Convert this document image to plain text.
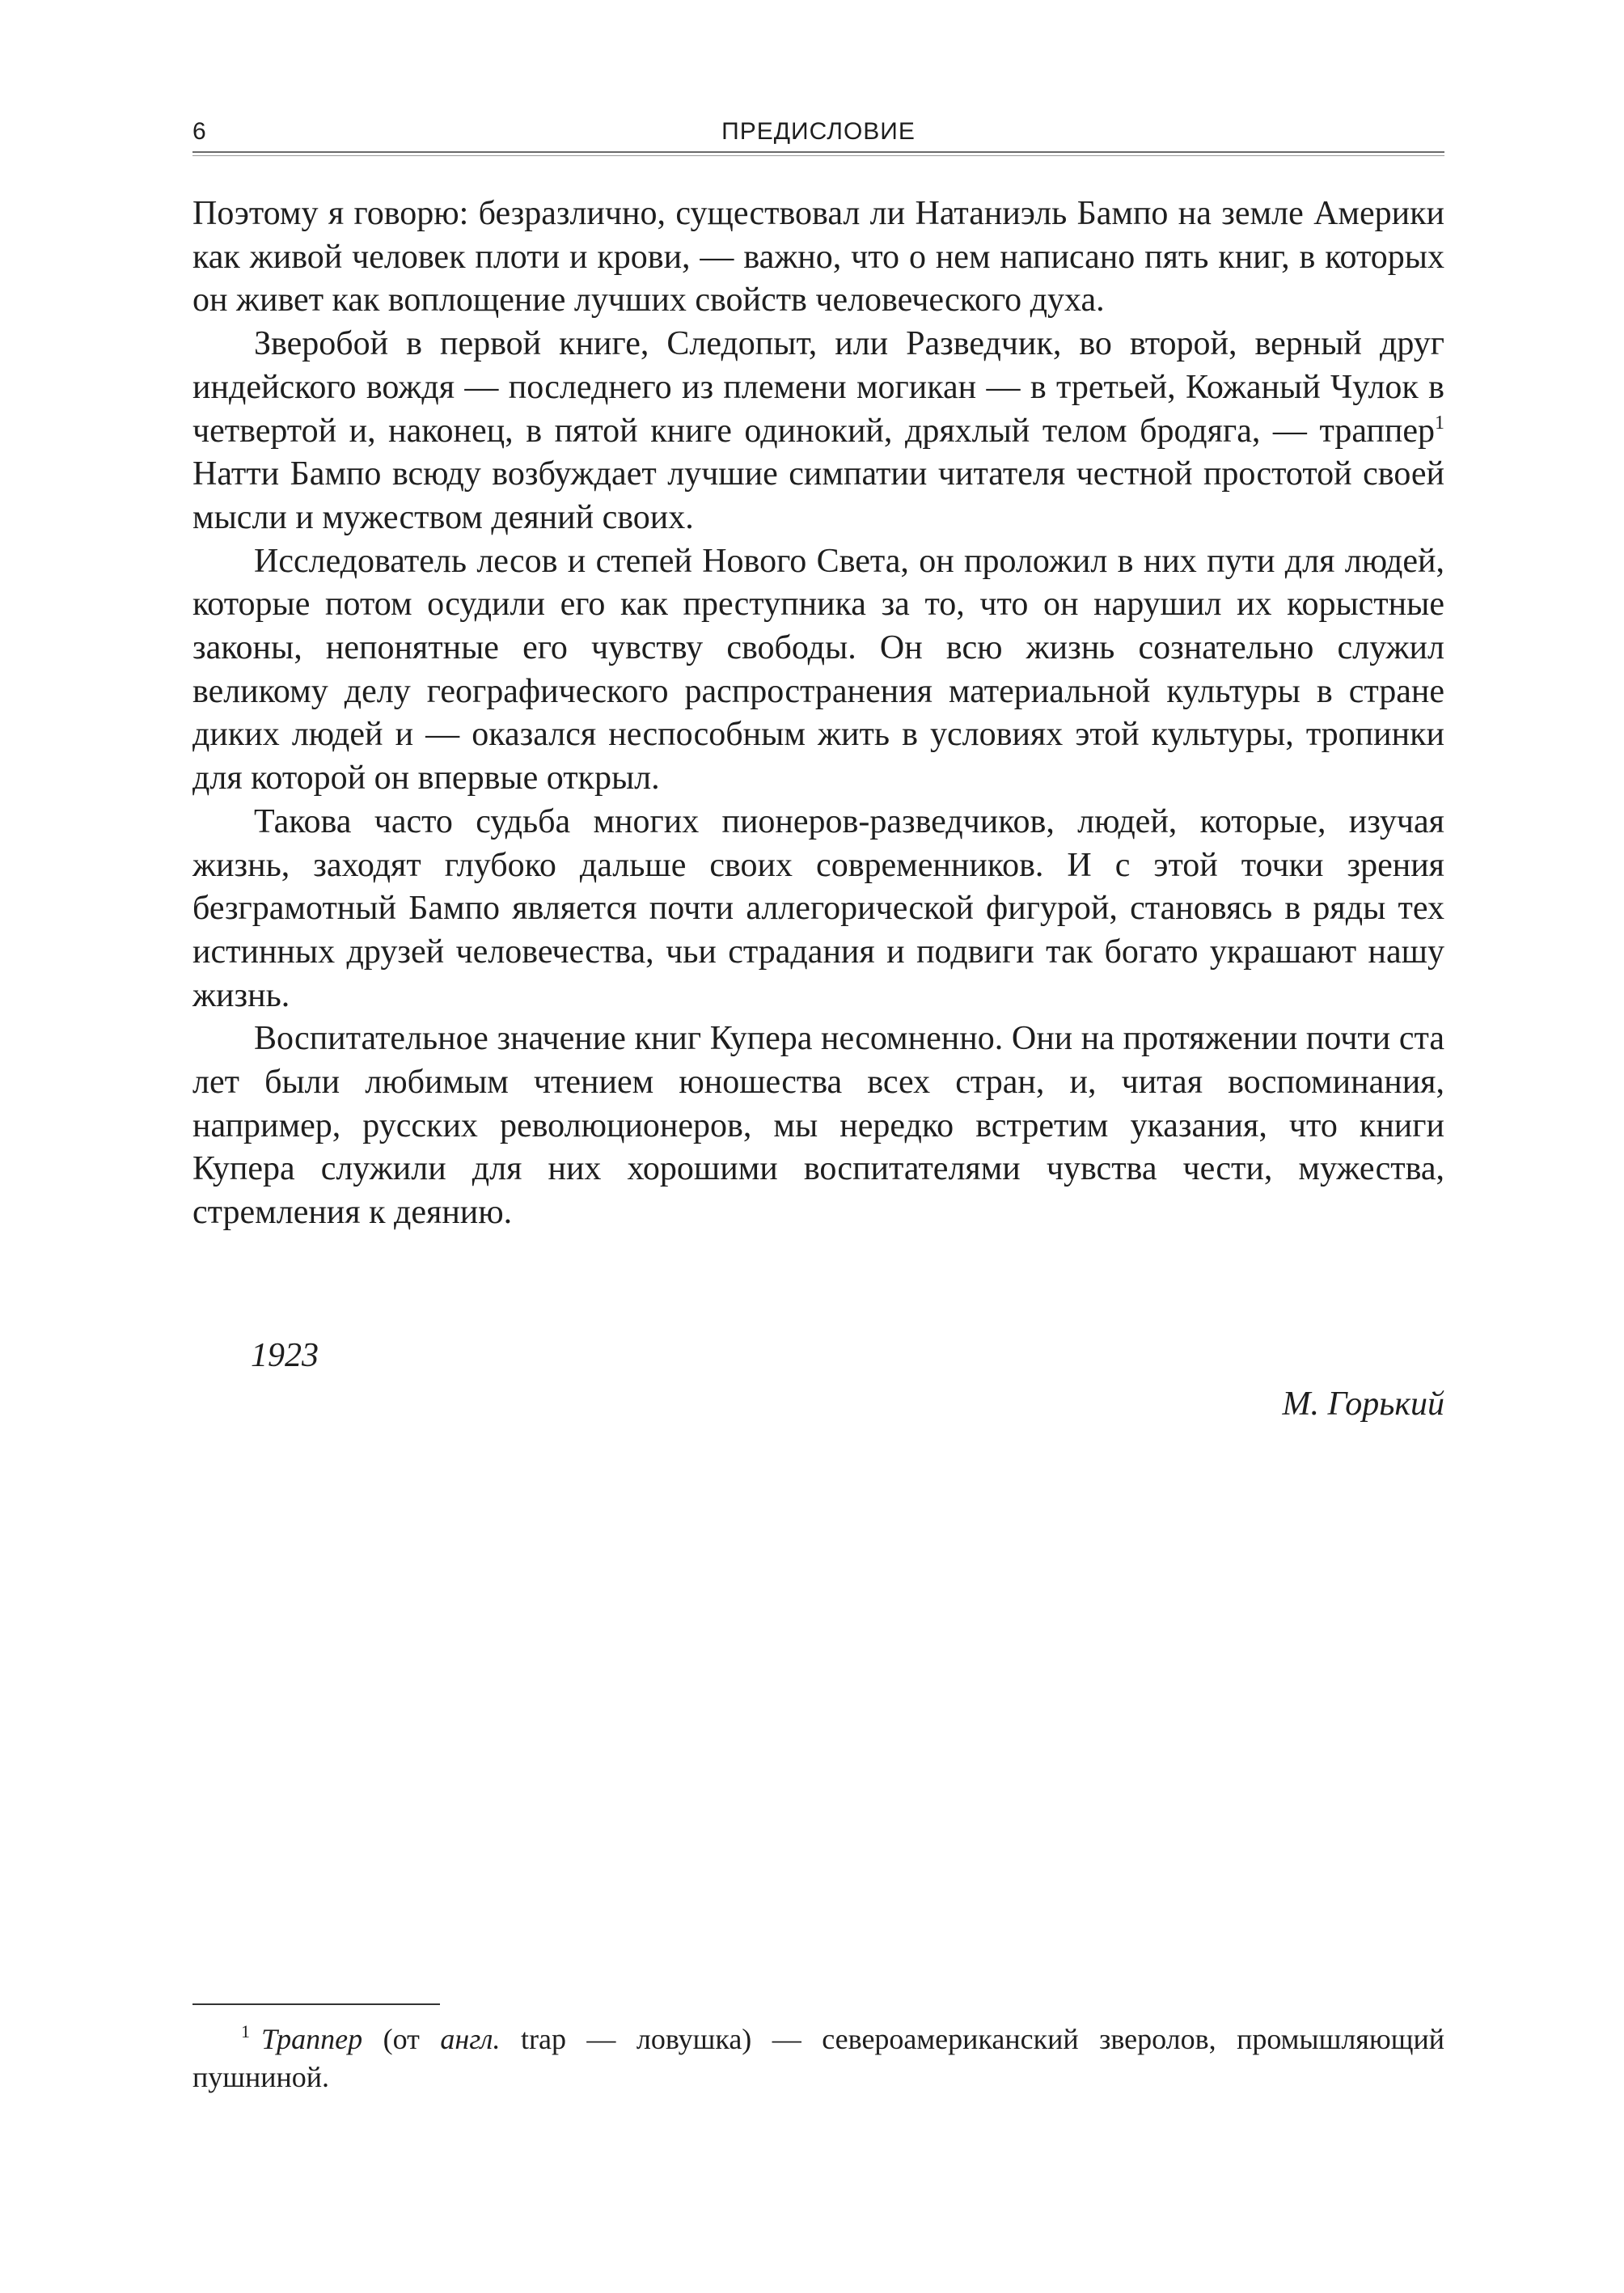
6	ПРЕДИСЛОВИЕ

Поэтому я говорю: безразлично, существовал ли Натаниэль Бампо на земле Америки как живой человек плоти и крови, — важно, что о нем написано пять книг, в которых он живет как воплощение лучших свойств человеческого духа.

Зверобой в первой книге, Следопыт, или Разведчик, во второй, верный друг индейского вождя — последнего из племени могикан — в третьей, Кожаный Чулок в четвертой и, наконец, в пятой книге одинокий, дряхлый телом бродяга, — траппер$^1$ Натти Бампо всюду возбуждает лучшие симпатии читателя честной простотой своей мысли и мужеством деяний своих.

Исследователь лесов и степей Нового Света, он проложил в них пути для людей, которые потом осудили его как преступника за то, что он нарушил их корыстные законы, непонятные его чувству свободы. Он всю жизнь сознательно служил великому делу географического распространения материальной культуры в стране диких людей и — оказался неспособным жить в условиях этой культуры, тропинки для которой он впервые открыл.

Такова часто судьба многих пионеров-разведчиков, людей, которые, изучая жизнь, заходят глубоко дальше своих современников. И с этой точки зрения безграмотный Бампо является почти аллегорической фигурой, становясь в ряды тех истинных друзей человечества, чьи страдания и подвиги так богато украшают нашу жизнь.

Воспитательное значение книг Купера несомненно. Они на протяжении почти ста лет были любимым чтением юношества всех стран, и, читая воспоминания, например, русских революционеров, мы нередко встретим указания, что книги Купера служили для них хорошими воспитателями чувства чести, мужества, стремления к деянию.

1923
М. Горький
$^1$ Траппер (от англ. trap — ловушка) — североамериканский зверолов, промышляющий пушниной.
